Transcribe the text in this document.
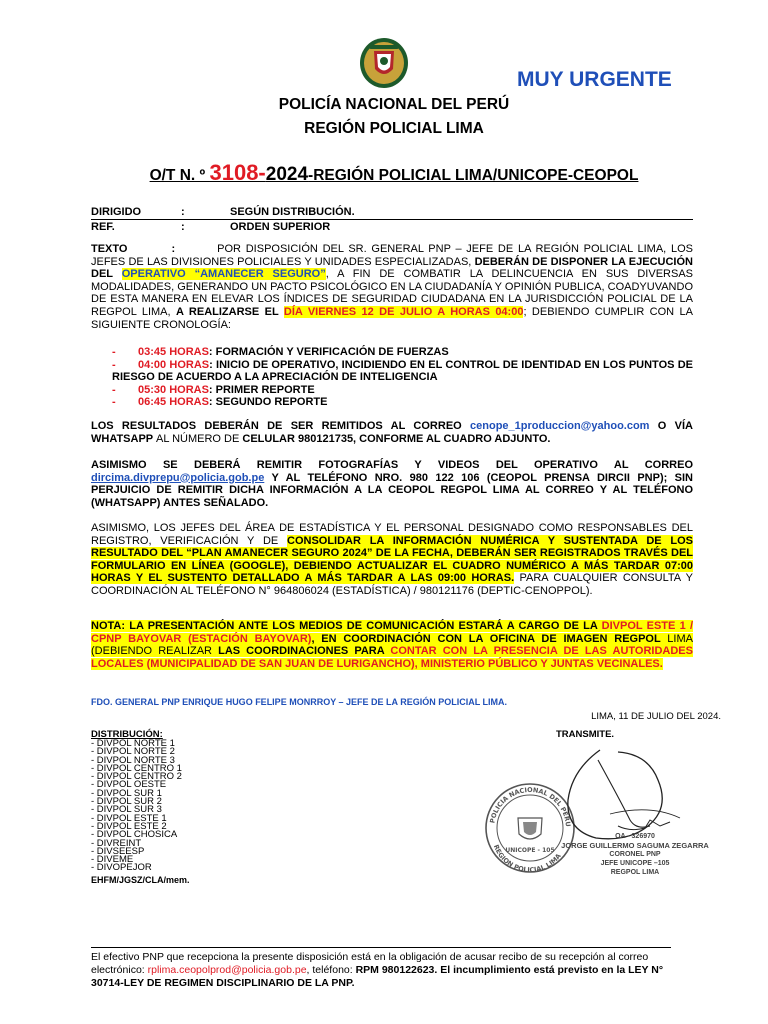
MUY URGENTE
POLICÍA NACIONAL DEL PERÚ
REGIÓN POLICIAL LIMA
O/T N. º 3108-2024-REGIÓN POLICIAL LIMA/UNICOPE-CEOPOL
DIRIGIDO	:	SEGÚN DISTRIBUCIÓN.
REF.	:	ORDEN SUPERIOR
TEXTO	:	POR DISPOSICIÓN DEL SR. GENERAL PNP – JEFE DE LA REGIÓN POLICIAL LIMA, LOS JEFES DE LAS DIVISIONES POLICIALES Y UNIDADES ESPECIALIZADAS, DEBERÁN DE DISPONER LA EJECUCIÓN DEL OPERATIVO “AMANECER SEGURO”, A FIN DE COMBATIR LA DELINCUENCIA EN SUS DIVERSAS MODALIDADES, GENERANDO UN PACTO PSICOLÓGICO EN LA CIUDADANÍA Y OPINIÓN PUBLICA, COADYUVANDO DE ESTA MANERA EN ELEVAR LOS ÍNDICES DE SEGURIDAD CIUDADANA EN LA JURISDICCIÓN POLICIAL DE LA REGPOL LIMA, A REALIZARSE EL DÍA VIERNES 12 DE JULIO A HORAS 04:00; DEBIENDO CUMPLIR CON LA SIGUIENTE CRONOLOGÍA:
- 03:45 HORAS: FORMACIÓN Y VERIFICACIÓN DE FUERZAS
- 04:00 HORAS: INICIO DE OPERATIVO, INCIDIENDO EN EL CONTROL DE IDENTIDAD EN LOS PUNTOS DE RIESGO DE ACUERDO A LA APRECIACIÓN DE INTELIGENCIA
- 05:30 HORAS: PRIMER REPORTE
- 06:45 HORAS: SEGUNDO REPORTE
LOS RESULTADOS DEBERÁN DE SER REMITIDOS AL CORREO cenope_1produccion@yahoo.com O VÍA WHATSAPP AL NÚMERO DE CELULAR 980121735, CONFORME AL CUADRO ADJUNTO.
ASIMISMO SE DEBERÁ REMITIR FOTOGRAFÍAS Y VIDEOS DEL OPERATIVO AL CORREO dircima.divprepu@policia.gob.pe Y AL TELÉFONO NRO. 980 122 106 (CEOPOL PRENSA DIRCII PNP); SIN PERJUICIO DE REMITIR DICHA INFORMACIÓN A LA CEOPOL REGPOL LIMA AL CORREO Y AL TELÉFONO (WHATSAPP) ANTES SEÑALADO.
ASIMISMO, LOS JEFES DEL ÁREA DE ESTADÍSTICA Y EL PERSONAL DESIGNADO COMO RESPONSABLES DEL REGISTRO, VERIFICACIÓN Y DE CONSOLIDAR LA INFORMACIÓN NUMÉRICA Y SUSTENTADA DE LOS RESULTADO DEL “PLAN AMANECER SEGURO 2024” DE LA FECHA, DEBERÁN SER REGISTRADOS TRAVÉS DEL FORMULARIO EN LÍNEA (GOOGLE), DEBIENDO ACTUALIZAR EL CUADRO NUMÉRICO A MÁS TARDAR 07:00 HORAS Y EL SUSTENTO DETALLADO A MÁS TARDAR A LAS 09:00 HORAS. PARA CUALQUIER CONSULTA Y COORDINACIÓN AL TELÉFONO N° 964806024 (ESTADÍSTICA) / 980121176 (DEPTIC-CENOPPOL).
NOTA: LA PRESENTACIÓN ANTE LOS MEDIOS DE COMUNICACIÓN ESTARÁ A CARGO DE LA DIVPOL ESTE 1 / CPNP BAYOVAR (ESTACIÓN BAYOVAR), EN COORDINACIÓN CON LA OFICINA DE IMAGEN REGPOL LIMA (DEBIENDO REALIZAR LAS COORDINACIONES PARA CONTAR CON LA PRESENCIA DE LAS AUTORIDADES LOCALES (MUNICIPALIDAD DE SAN JUAN DE LURIGANCHO), MINISTERIO PÚBLICO Y JUNTAS VECINALES.
FDO. GENERAL PNP ENRIQUE HUGO FELIPE MONRROY – JEFE DE LA REGIÓN POLICIAL LIMA.
LIMA, 11 DE JULIO DEL 2024.
DISTRIBUCIÓN:	TRANSMITE.
- DIVPOL NORTE 1
- DIVPOL NORTE 2
- DIVPOL NORTE 3
- DIVPOL CENTRO 1
- DIVPOL CENTRO 2
- DIVPOL OESTE
- DIVPOL SUR 1
- DIVPOL SUR 2
- DIVPOL SUR 3
- DIVPOL ESTE 1
- DIVPOL ESTE 2
- DIVPOL CHOSICA
- DIVREINT
- DIVSEESP
- DIVEME
- DIVOPEJOR
EHFM/JGSZ/CLA/mem.
UNICOPE - 105
POLICIA NACIONAL DEL PERU
REGION POLICIAL LIMA
OA - 326970
JORGE GUILLERMO SAGUMA ZEGARRA
CORONEL PNP
JEFE UNICOPE –105
REGPOL LIMA
El efectivo PNP que recepciona la presente disposición está en la obligación de acusar recibo de su recepción al correo electrónico: rplima.ceopolprod@policia.gob.pe, teléfono: RPM 980122623. El incumplimiento está previsto en la LEY N° 30714-LEY DE REGIMEN DISCIPLINARIO DE LA PNP.
